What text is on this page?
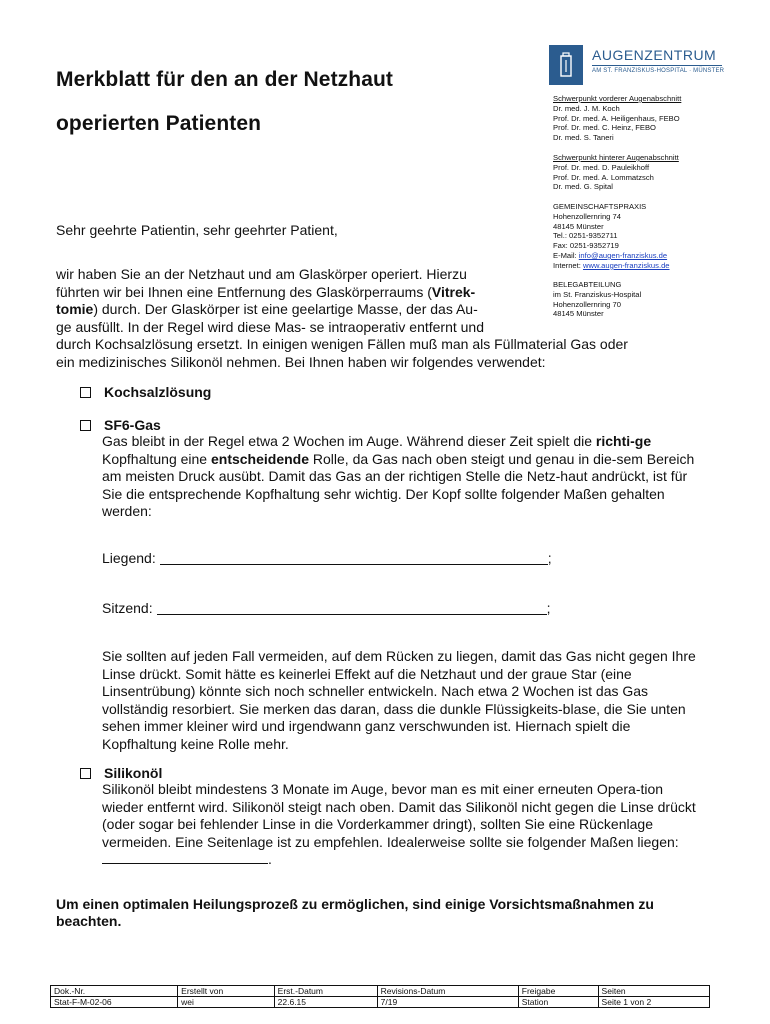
Merkblatt für den an der Netzhaut
operierten Patienten
AUGENZENTRUM
AM ST. FRANZISKUS-HOSPITAL · MÜNSTER
Schwerpunkt vorderer Augenabschnitt
Dr. med. J. M. Koch
Prof. Dr. med. A. Heiligenhaus, FEBO
Prof. Dr. med. C. Heinz, FEBO
Dr. med. S. Taneri
Schwerpunkt hinterer Augenabschnitt
Prof. Dr. med. D. Pauleikhoff
Prof. Dr. med. A. Lommatzsch
Dr. med. G. Spital
GEMEINSCHAFTSPRAXIS
Hohenzollernring 74
48145 Münster
Tel.: 0251-9352711
Fax: 0251-9352719
E-Mail: info@augen-franziskus.de
Internet: www.augen-franziskus.de
BELEGABTEILUNG
im St. Franziskus-Hospital
Hohenzollernring 70
48145 Münster
Sehr geehrte Patientin, sehr geehrter Patient,
wir haben Sie an der Netzhaut und am Glaskörper operiert. Hierzu
führten wir bei Ihnen eine Entfernung des Glaskörperraums (Vitrek-
tomie) durch. Der Glaskörper ist eine geelartige Masse, der das Au-
ge ausfüllt. In der Regel wird diese Mas- se intraoperativ entfernt und
durch Kochsalzlösung ersetzt. In einigen wenigen Fällen muß man als Füllmaterial Gas oder
ein medizinisches Silikonöl nehmen. Bei Ihnen haben wir folgendes verwendet:
Kochsalzlösung
SF6-Gas
Gas bleibt in der Regel etwa 2 Wochen im Auge. Während dieser Zeit spielt die richti-ge Kopfhaltung eine entscheidende Rolle, da Gas nach oben steigt und genau in die-sem Bereich am meisten Druck ausübt. Damit das Gas an der richtigen Stelle die Netz-haut andrückt, ist für Sie die entsprechende Kopfhaltung sehr wichtig. Der Kopf sollte folgender Maßen gehalten werden:
Liegend:	;
Sitzend:	;
Sie sollten auf jeden Fall vermeiden, auf dem Rücken zu liegen, damit das Gas nicht gegen Ihre Linse drückt. Somit hätte es keinerlei Effekt auf die Netzhaut und der graue Star (eine Linsentrübung) könnte sich noch schneller entwickeln. Nach etwa 2 Wochen ist das Gas vollständig resorbiert. Sie merken das daran, dass die dunkle Flüssigkeits-blase, die Sie unten sehen immer kleiner wird und irgendwann ganz verschwunden ist. Hiernach spielt die Kopfhaltung keine Rolle mehr.
Silikonöl
Silikonöl bleibt mindestens 3 Monate im Auge, bevor man es mit einer erneuten Opera-tion wieder entfernt wird. Silikonöl steigt nach oben. Damit das Silikonöl nicht gegen die Linse drückt (oder sogar bei fehlender Linse in die Vorderkammer dringt), sollten Sie eine Rückenlage vermeiden. Eine Seitenlage ist zu empfehlen. Idealerweise sollte sie folgender Maßen liegen: .
Um einen optimalen Heilungsprozeß zu ermöglichen, sind einige Vorsichtsmaßnahmen zu beachten.
Dok.-Nr.	Erstellt von	Erst.-Datum	Revisions-Datum	Freigabe	Seiten
Stat-F-M-02-06	wei	22.6.15	7/19	Station	Seite 1 von 2
